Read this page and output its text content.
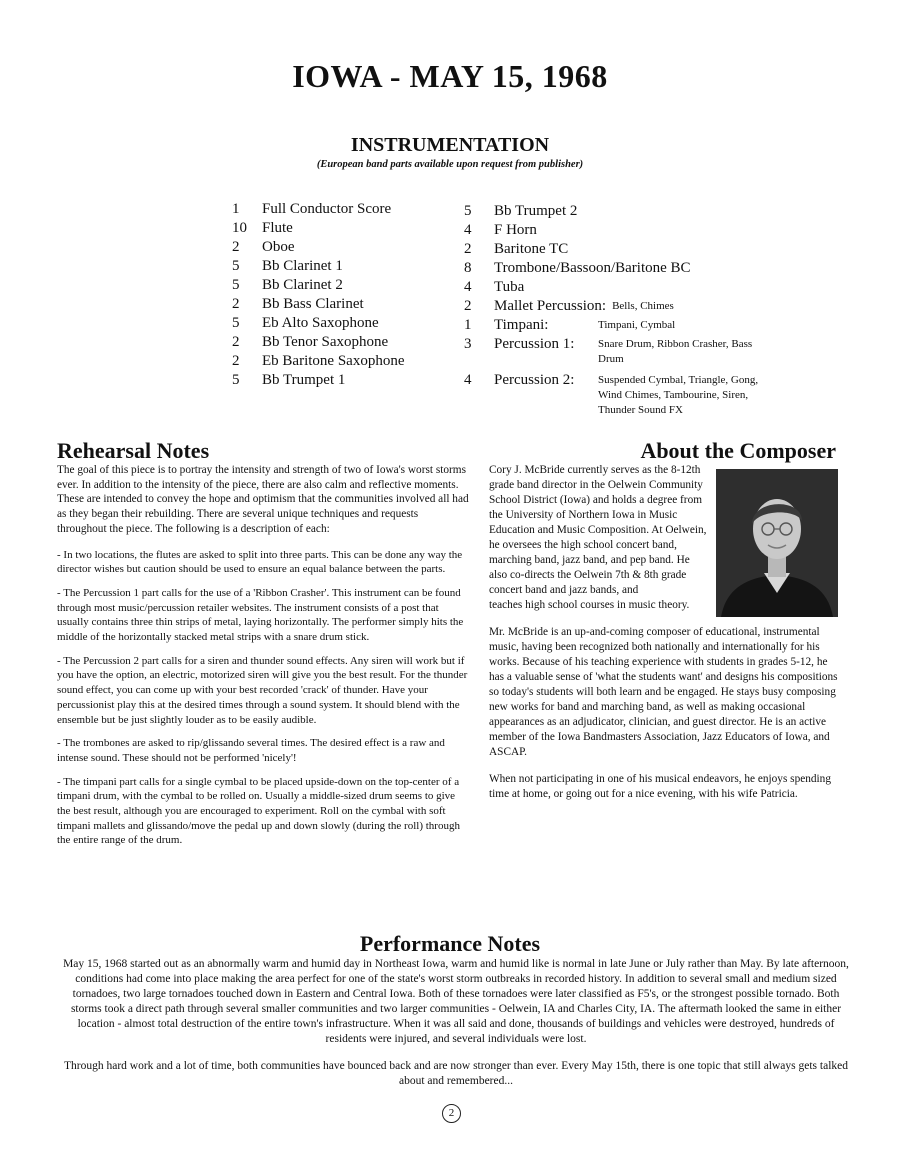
IOWA - MAY 15, 1968
INSTRUMENTATION
(European band parts available upon request from publisher)
1	Full Conductor Score
10	Flute
2	Oboe
5	Bb Clarinet 1
5	Bb Clarinet 2
2	Bb Bass Clarinet
5	Eb Alto Saxophone
2	Bb Tenor Saxophone
2	Eb Baritone Saxophone
5	Bb Trumpet 1
5	Bb Trumpet 2
4	F Horn
2	Baritone TC
8	Trombone/Bassoon/Baritone BC
4	Tuba
2	Mallet Percussion: Bells, Chimes
1	Timpani:	Timpani, Cymbal
3	Percussion 1:	Snare Drum, Ribbon Crasher, Bass Drum
4	Percussion 2:	Suspended Cymbal, Triangle, Gong, Wind Chimes, Tambourine, Siren, Thunder Sound FX
Rehearsal Notes

The goal of this piece is to portray the intensity and strength of two of Iowa's worst storms ever. In addition to the intensity of the piece, there are also calm and reflective moments. These are intended to convey the hope and optimism that the communities involved all had as they began their rebuilding. There are several unique techniques and requests throughout the piece. The following is a description of each:

- In two locations, the flutes are asked to split into three parts. This can be done any way the director wishes but caution should be used to ensure an equal balance between the parts.

- The Percussion 1 part calls for the use of a 'Ribbon Crasher'. This instrument can be found through most music/percussion retailer websites. The instrument consists of a post that usually contains three thin strips of metal, laying horizontally. The performer simply hits the middle of the horizontally stacked metal strips with a snare drum stick.

- The Percussion 2 part calls for a siren and thunder sound effects. Any siren will work but if you have the option, an electric, motorized siren will give you the best result. For the thunder sound effect, you can come up with your best recorded 'crack' of thunder. Have your percussionist play this at the desired times through a sound system. It should blend with the ensemble but be just slightly louder as to be easily audible.

- The trombones are asked to rip/glissando several times. The desired effect is a raw and intense sound. These should not be performed 'nicely'!

- The timpani part calls for a single cymbal to be placed upside-down on the top-center of a timpani drum, with the cymbal to be rolled on. Usually a middle-sized drum seems to give the best result, although you are encouraged to experiment. Roll on the cymbal with soft timpani mallets and glissando/move the pedal up and down slowly (during the roll) through the entire range of the drum.

About the Composer

Cory J. McBride currently serves as the 8-12th grade band director in the Oelwein Community School District (Iowa) and holds a degree from the University of Northern Iowa in Music Education and Music Composition. At Oelwein, he oversees the high school concert band, marching band, jazz band, and pep band. He also co-directs the Oelwein 7th & 8th grade concert band and jazz bands, and

teaches high school courses in music theory.

Mr. McBride is an up-and-coming composer of educational, instrumental music, having been recognized both nationally and internationally for his works. Because of his teaching experience with students in grades 5-12, he has a valuable sense of 'what the students want' and designs his compositions so today's students will both learn and be engaged. He stays busy composing new works for band and marching band, as well as making occasional appearances as an adjudicator, clinician, and guest director. He is an active member of the Iowa Bandmasters Association, Jazz Educators of Iowa, and ASCAP.

When not participating in one of his musical endeavors, he enjoys spending time at home, or going out for a nice evening, with his wife Patricia.

Performance Notes

May 15, 1968 started out as an abnormally warm and humid day in Northeast Iowa, warm and humid like is normal in late June or July rather than May. By late afternoon, conditions had come into place making the area perfect for one of the state's worst storm outbreaks in recorded history. In addition to several small and medium sized tornadoes, two large tornadoes touched down in Eastern and Central Iowa. Both of these tornadoes were later classified as F5's, or the strongest possible tornado. Both storms took a direct path through several smaller communities and two larger communities - Oelwein, IA and Charles City, IA. The aftermath looked the same in either location - almost total destruction of the entire town's infrastructure. When it was all said and done, thousands of buildings and vehicles were destroyed, hundreds of residents were injured, and several individuals were lost.

Through hard work and a lot of time, both communities have bounced back and are now stronger than ever. Every May 15th, there is one topic that still always gets talked about and remembered...

2
